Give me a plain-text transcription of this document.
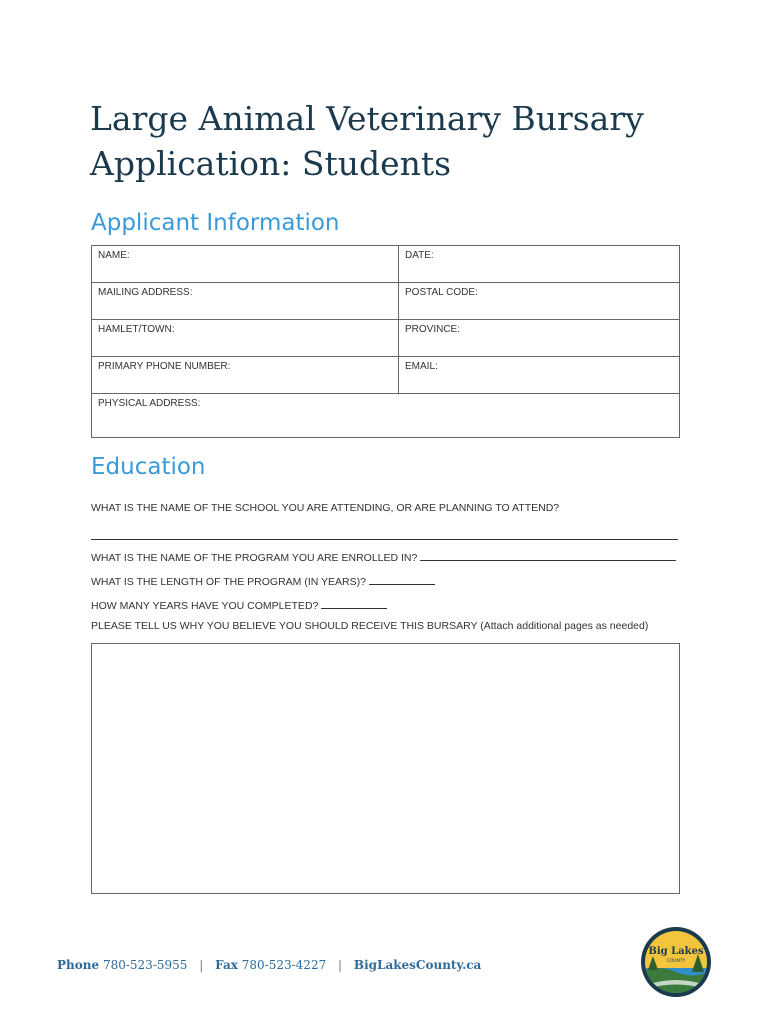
Large Animal Veterinary Bursary Application: Students
Applicant Information
NAME:	DATE:
MAILING ADDRESS:	POSTAL CODE:
HAMLET/TOWN:	PROVINCE:
PRIMARY PHONE NUMBER:	EMAIL:
PHYSICAL ADDRESS:	
Education
WHAT IS THE NAME OF THE SCHOOL YOU ARE ATTENDING, OR ARE PLANNING TO ATTEND?
WHAT IS THE NAME OF THE PROGRAM YOU ARE ENROLLED IN?
WHAT IS THE LENGTH OF THE PROGRAM (IN YEARS)?
HOW MANY YEARS HAVE YOU COMPLETED?
PLEASE TELL US WHY YOU BELIEVE YOU SHOULD RECEIVE THIS BURSARY (Attach additional pages as needed)
Phone 780-523-5955 | Fax 780-523-4227 | BigLakesCounty.ca
Big Lakes
COUNTY
